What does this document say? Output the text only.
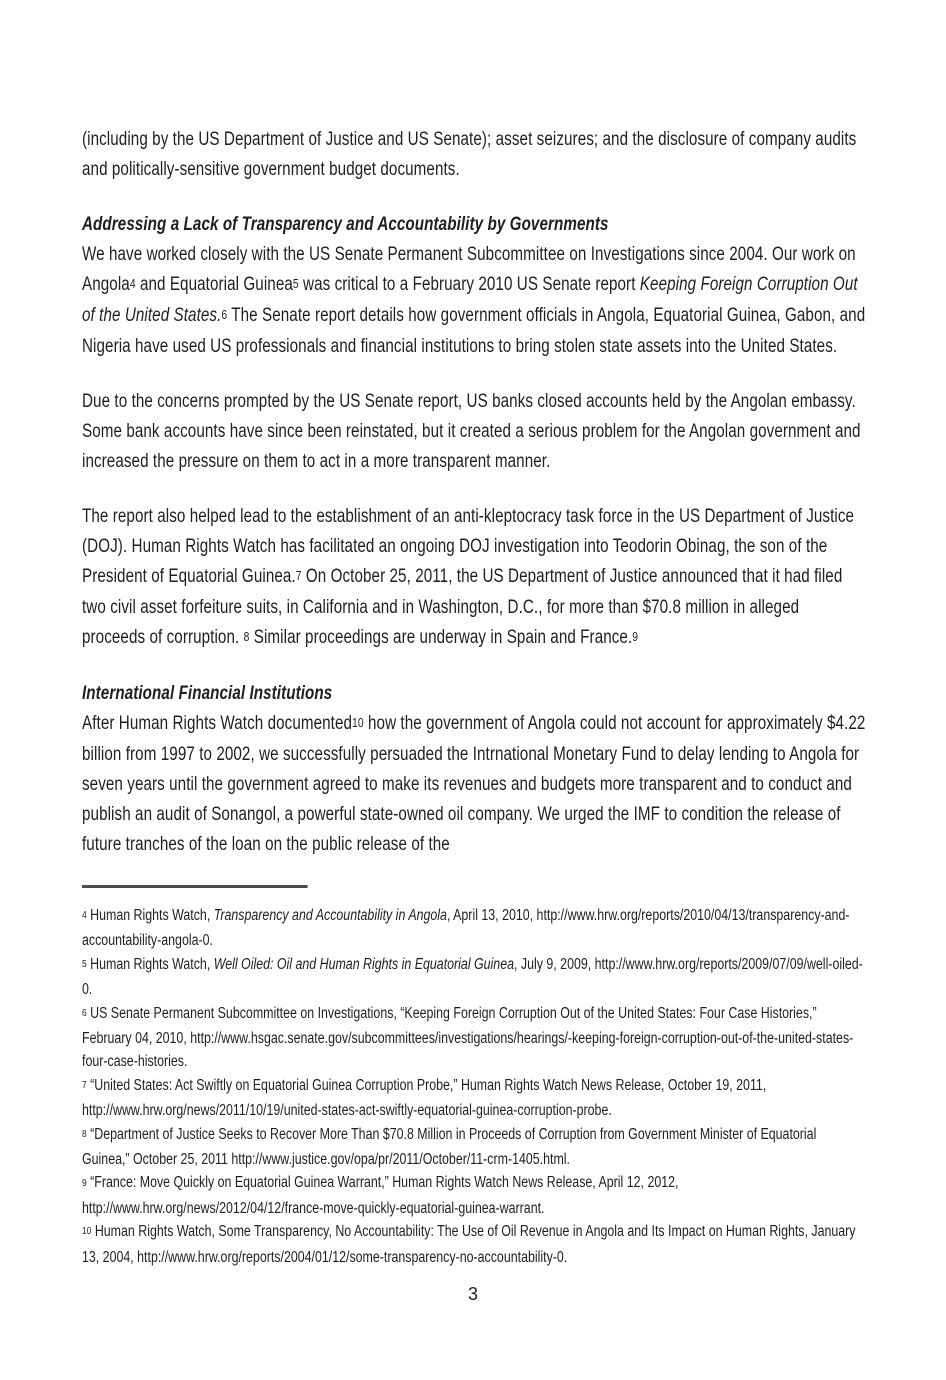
(including by the US Department of Justice and US Senate); asset seizures; and the disclosure of company audits and politically-sensitive government budget documents.
Addressing a Lack of Transparency and Accountability by Governments
We have worked closely with the US Senate Permanent Subcommittee on Investigations since 2004. Our work on Angola4 and Equatorial Guinea5 was critical to a February 2010 US Senate report Keeping Foreign Corruption Out of the United States.6 The Senate report details how government officials in Angola, Equatorial Guinea, Gabon, and Nigeria have used US professionals and financial institutions to bring stolen state assets into the United States.
Due to the concerns prompted by the US Senate report, US banks closed accounts held by the Angolan embassy. Some bank accounts have since been reinstated, but it created a serious problem for the Angolan government and increased the pressure on them to act in a more transparent manner.
The report also helped lead to the establishment of an anti-kleptocracy task force in the US Department of Justice (DOJ). Human Rights Watch has facilitated an ongoing DOJ investigation into Teodorin Obinag, the son of the President of Equatorial Guinea.7 On October 25, 2011, the US Department of Justice announced that it had filed two civil asset forfeiture suits, in California and in Washington, D.C., for more than $70.8 million in alleged proceeds of corruption. 8 Similar proceedings are underway in Spain and France.9
International Financial Institutions
After Human Rights Watch documented10 how the government of Angola could not account for approximately $4.22 billion from 1997 to 2002, we successfully persuaded the Intrnational Monetary Fund to delay lending to Angola for seven years until the government agreed to make its revenues and budgets more transparent and to conduct and publish an audit of Sonangol, a powerful state-owned oil company. We urged the IMF to condition the release of future tranches of the loan on the public release of the
4 Human Rights Watch, Transparency and Accountability in Angola, April 13, 2010, http://www.hrw.org/reports/2010/04/13/transparency-and-accountability-angola-0.
5 Human Rights Watch, Well Oiled: Oil and Human Rights in Equatorial Guinea, July 9, 2009, http://www.hrw.org/reports/2009/07/09/well-oiled-0.
6 US Senate Permanent Subcommittee on Investigations, “Keeping Foreign Corruption Out of the United States: Four Case Histories,” February 04, 2010, http://www.hsgac.senate.gov/subcommittees/investigations/hearings/-keeping-foreign-corruption-out-of-the-united-states-four-case-histories.
7 “United States: Act Swiftly on Equatorial Guinea Corruption Probe,” Human Rights Watch News Release, October 19, 2011, http://www.hrw.org/news/2011/10/19/united-states-act-swiftly-equatorial-guinea-corruption-probe.
8 “Department of Justice Seeks to Recover More Than $70.8 Million in Proceeds of Corruption from Government Minister of Equatorial Guinea,” October 25, 2011 http://www.justice.gov/opa/pr/2011/October/11-crm-1405.html.
9 “France: Move Quickly on Equatorial Guinea Warrant,” Human Rights Watch News Release, April 12, 2012, http://www.hrw.org/news/2012/04/12/france-move-quickly-equatorial-guinea-warrant.
10 Human Rights Watch, Some Transparency, No Accountability: The Use of Oil Revenue in Angola and Its Impact on Human Rights, January 13, 2004, http://www.hrw.org/reports/2004/01/12/some-transparency-no-accountability-0.
3
